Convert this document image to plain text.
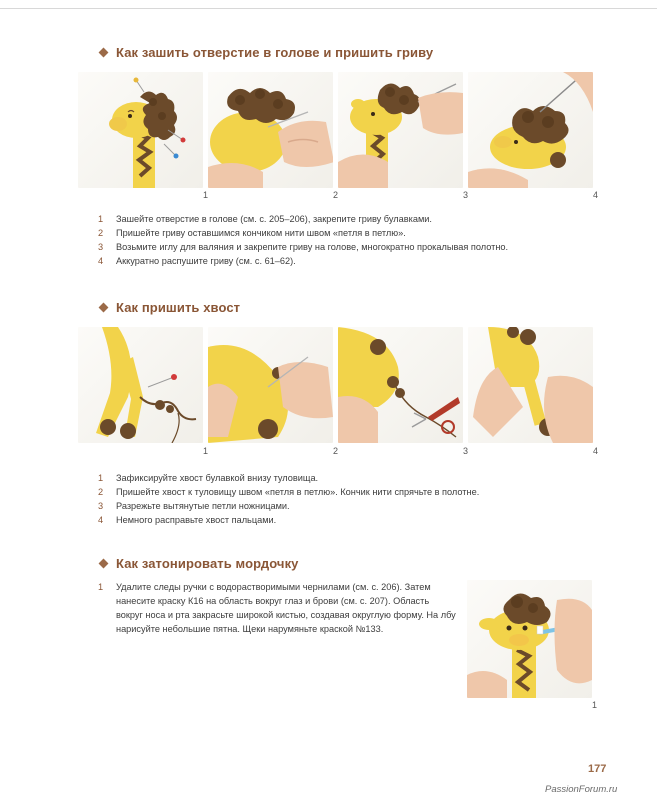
Как зашить отверстие в голове и пришить гриву
1	2	3	4
1	Зашейте отверстие в голове (см. с. 205–206), закрепите гриву булавками.
2	Пришейте гриву оставшимся кончиком нити швом «петля в петлю».
3	Возьмите иглу для валяния и закрепите гриву на голове, многократно прокалывая полотно.
4	Аккуратно распушите гриву (см. с. 61–62).
Как пришить хвост
1	2	3	4
1	Зафиксируйте хвост булавкой внизу туловища.
2	Пришейте хвост к туловищу швом «петля в петлю». Кончик нити спрячьте в полотне.
3	Разрежьте вытянутые петли ножницами.
4	Немного расправьте хвост пальцами.
Как затонировать мордочку
1	Удалите следы ручки с водорастворимыми чернилами (см. с. 206). Затем нанесите краску К16 на область вокруг глаз и брови (см. с. 207). Область вокруг носа и рта закрасьте широкой кистью, создавая округлую форму. На лбу нарисуйте небольшие пятна. Щеки нарумяньте краской №133.
1
177
PassionForum.ru
